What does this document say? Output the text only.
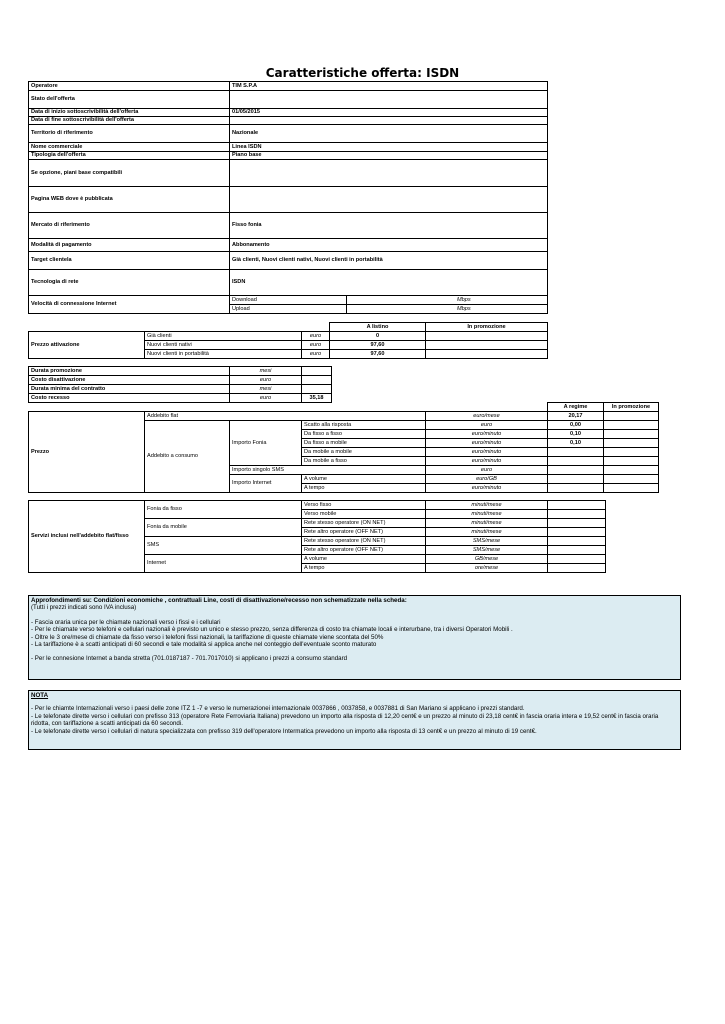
Caratteristiche offerta: ISDN
Operatore	TIM S.P.A	
Stato dell'offerta		
Data di inizio sottoscrivibilità dell'offerta	01/05/2015	
Data di fine sottoscrivibilità dell'offerta		
Territorio di riferimento	Nazionale	
Nome commerciale	Linea ISDN	
Tipologia dell'offerta	Piano base	
Se opzione, piani base compatibili		
Pagina WEB dove è pubblicata		
Mercato di riferimento	Fisso fonia	
Modalità di pagamento	Abbonamento	
Target clientela	Già clienti, Nuovi clienti nativi, Nuovi clienti in portabilità	
Tecnologia di rete	ISDN	
Velocità di connessione Internet	Download	Mbps
	Upload	Mbps
			A listino	In promozione
Prezzo attivazione	Già clienti	euro	0	
	Nuovi clienti nativi	euro	97,60	
	Nuovi clienti in portabilità	euro	97,60	
Durata promozione	mesi	
Costo disattivazione	euro	
Durata minima del contratto	mesi	
Costo recesso	euro	35,18
					A regime	In promozione
Prezzo	Addebito flat			euro/mese	20,17	
	Addebito a consumo	Importo Fonia	Scatto alla risposta	euro	0,00	
			Da fisso a fisso	euro/minuto	0,10	
			Da fisso a mobile	euro/minuto	0,10	
			Da mobile a mobile	euro/minuto		
			Da mobile a fisso	euro/minuto		
		Importo singolo SMS		euro		
		Importo Internet	A volume	euro/GB		
			A tempo	euro/minuto		
Servizi inclusi nell'addebito flat/fisso	Fonia da fisso	Verso fisso	minuti/mese	
		Verso mobile	minuti/mese	
	Fonia da mobile	Rete stesso operatore (ON NET)	minuti/mese	
		Rete altro operatore (OFF NET)	minuti/mese	
	SMS	Rete stesso operatore (ON NET)	SMS/mese	
		Rete altro operatore (OFF NET)	SMS/mese	
	Internet	A volume	GB/mese	
		A tempo	ore/mese	

Approfondimenti su: Condizioni economiche , contrattuali Line, costi di disattivazione/recesso non schematizzate nella scheda:

(Tutti i prezzi indicati sono IVA inclusa)

- Fascia oraria unica per le chiamate nazionali verso i fissi e i cellulari

- Per le chiamate verso telefoni e cellulari nazionali è previsto un unico e stesso prezzo, senza differenza di costo tra chiamate locali e interurbane, tra i diversi Operatori Mobili .

- Oltre le 3 ore/mese di chiamate da fisso verso i telefoni fissi nazionali, la tariffazione di queste chiamate viene scontata del 50%

- La tariffazione è a scatti anticipati di 60 secondi e tale modalità si applica anche nel conteggio dell'eventuale sconto maturato

- Per le connesione Internet a banda stretta (701.0187187 - 701.7017010) si applicano i prezzi a consumo standard

NOTA

- Per le chiamte Internazionali verso i paesi delle zone ITZ 1 -7 e verso le numerazionei internazionale 0037866 , 0037858, e 0037881 di San Mariano si applicano i prezzi standard.

- Le telefonate dirette verso i cellulari con prefisso 313 (operatore Rete Ferroviaria Italiana) prevedono un importo alla risposta di 12,20 cent€ e un prezzo al minuto di 23,18 cent€ in fascia oraria intera e 19,52 cent€ in fascia oraria ridotta, con tariffazione a scatti anticipati da 60 secondi.

- Le telefonate dirette verso i cellulari di natura specializzata con prefisso 319 dell'operatore Intermatica prevedono un importo alla risposta di 13 cent€ e un prezzo al minuto di 19 cent€.
